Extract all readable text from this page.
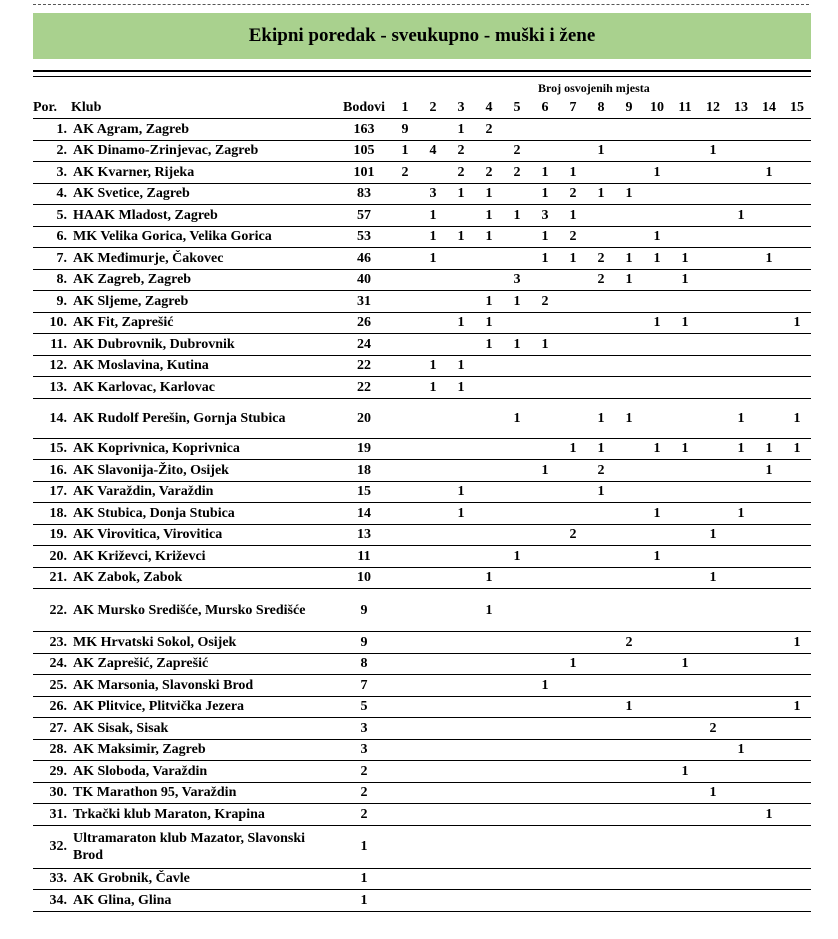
Ekipni poredak - sveukupno - muški i žene
Broj osvojenih mjesta
Por.	Klub	Bodovi	1	2	3	4	5	6	7	8	9	10	11	12	13	14	15
1.	AK Agram, Zagreb	163	9		1	2											
2.	AK Dinamo-Zrinjevac, Zagreb	105	1	4	2		2			1				1			
3.	AK Kvarner, Rijeka	101	2		2	2	2	1	1			1				1	
4.	AK Svetice, Zagreb	83		3	1	1		1	2	1	1						
5.	HAAK Mladost, Zagreb	57		1		1	1	3	1						1		
6.	MK Velika Gorica, Velika Gorica	53		1	1	1		1	2			1					
7.	AK Međimurje, Čakovec	46		1				1	1	2	1	1	1			1	
8.	AK Zagreb, Zagreb	40					3			2	1		1				
9.	AK Sljeme, Zagreb	31				1	1	2									
10.	AK Fit, Zaprešić	26			1	1						1	1				1
11.	AK Dubrovnik, Dubrovnik	24				1	1	1									
12.	AK Moslavina, Kutina	22		1	1												
13.	AK Karlovac, Karlovac	22		1	1												
14.	AK Rudolf Perešin, Gornja Stubica	20					1			1	1				1		1
15.	AK Koprivnica, Koprivnica	19							1	1		1	1		1	1	1
16.	AK Slavonija-Žito, Osijek	18						1		2						1	
17.	AK Varaždin, Varaždin	15			1					1							
18.	AK Stubica, Donja Stubica	14			1							1			1		
19.	AK Virovitica, Virovitica	13							2					1			
20.	AK Križevci, Križevci	11					1					1					
21.	AK Zabok, Zabok	10				1								1			
22.	AK Mursko Središće, Mursko Središće	9				1											
23.	MK Hrvatski Sokol, Osijek	9									2						1
24.	AK Zaprešić, Zaprešić	8							1				1				
25.	AK Marsonia, Slavonski Brod	7						1									
26.	AK Plitvice, Plitvička Jezera	5									1						1
27.	AK Sisak, Sisak	3												2			
28.	AK Maksimir, Zagreb	3													1		
29.	AK Sloboda, Varaždin	2											1				
30.	TK Marathon 95, Varaždin	2												1			
31.	Trkački klub Maraton, Krapina	2														1	
32.	Ultramaraton klub Mazator, Slavonski Brod	1															
33.	AK Grobnik, Čavle	1															
34.	AK Glina, Glina	1															
